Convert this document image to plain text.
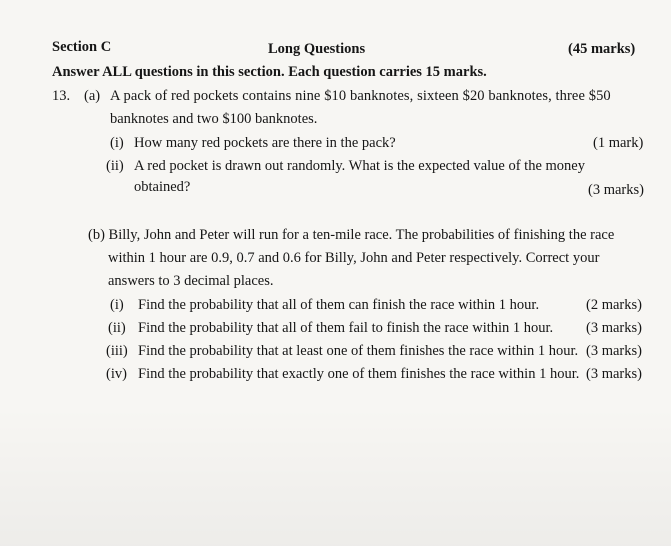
Section C	Long Questions	(45 marks)
Answer ALL questions in this section. Each question carries 15 marks.
13. (a) A pack of red pockets contains nine $10 banknotes, sixteen $20 banknotes, three $50
banknotes and two $100 banknotes.
(i) How many red pockets are there in the pack?	(1 mark)
(ii) A red pocket is drawn out randomly. What is the expected value of the money
obtained?	(3 marks)
(b) Billy, John and Peter will run for a ten-mile race. The probabilities of finishing the race
within 1 hour are 0.9, 0.7 and 0.6 for Billy, John and Peter respectively. Correct your
answers to 3 decimal places.
(i) Find the probability that all of them can finish the race within 1 hour.	(2 marks)
(ii) Find the probability that all of them fail to finish the race within 1 hour. (3 marks)
(iii) Find the probability that at least one of them finishes the race within 1 hour. (3 marks)
(iv) Find the probability that exactly one of them finishes the race within 1 hour. (3 marks)
